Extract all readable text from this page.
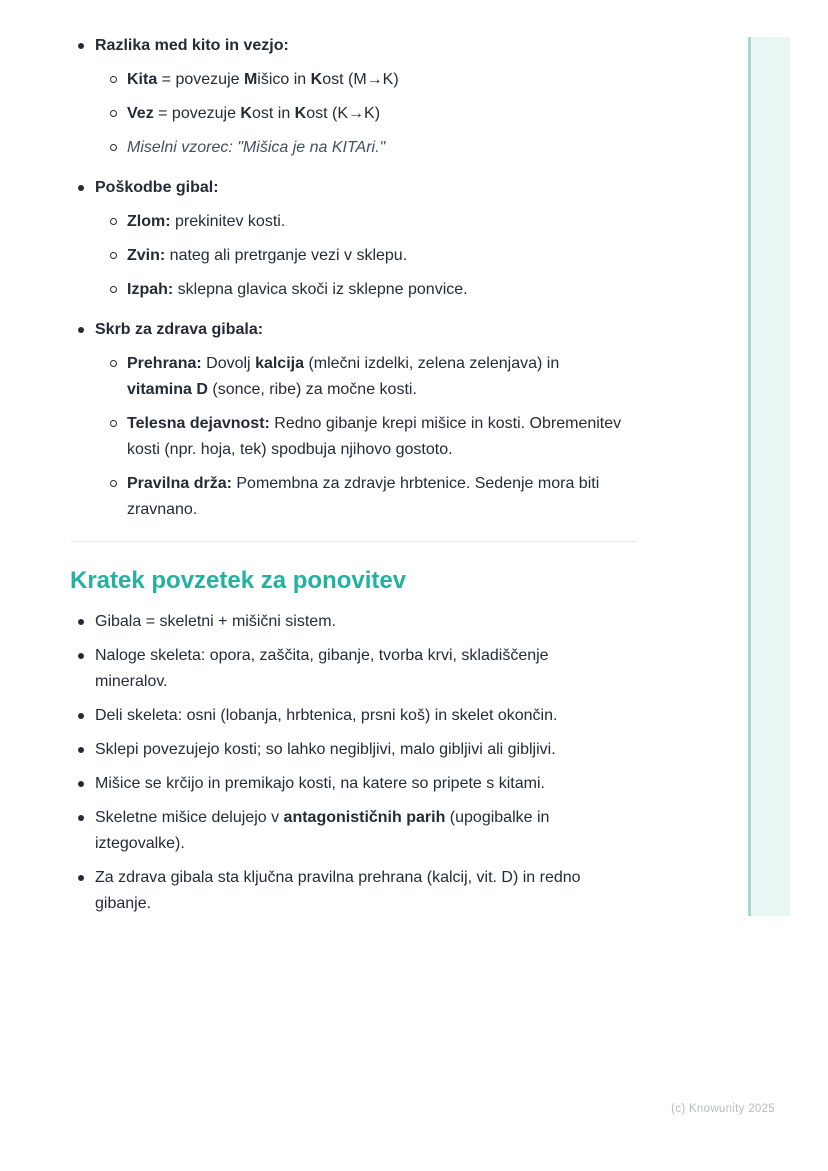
Razlika med kito in vezjo:
Kita = povezuje Mišico in Kost (M→K)
Vez = povezuje Kost in Kost (K→K)
Miselni vzorec: "Mišica je na KITAri."
Poškodbe gibal:
Zlom: prekinitev kosti.
Zvin: nateg ali pretrganje vezi v sklepu.
Izpah: sklepna glavica skoči iz sklepne ponvice.
Skrb za zdrava gibala:
Prehrana: Dovolj kalcija (mlečni izdelki, zelena zelenjava) in vitamina D (sonce, ribe) za močne kosti.
Telesna dejavnost: Redno gibanje krepi mišice in kosti. Obremenitev kosti (npr. hoja, tek) spodbuja njihovo gostoto.
Pravilna drža: Pomembna za zdravje hrbtenice. Sedenje mora biti zravnano.
Kratek povzetek za ponovitev
Gibala = skeletni + mišični sistem.
Naloge skeleta: opora, zaščita, gibanje, tvorba krvi, skladiščenje mineralov.
Deli skeleta: osni (lobanja, hrbtenica, prsni koš) in skelet okončin.
Sklepi povezujejo kosti; so lahko negibljivi, malo gibljivi ali gibljivi.
Mišice se krčijo in premikajo kosti, na katere so pripete s kitami.
Skeletne mišice delujejo v antagonističnih parih (upogibalke in iztegovalke).
Za zdrava gibala sta ključna pravilna prehrana (kalcij, vit. D) in redno gibanje.
(c) Knowunity 2025
